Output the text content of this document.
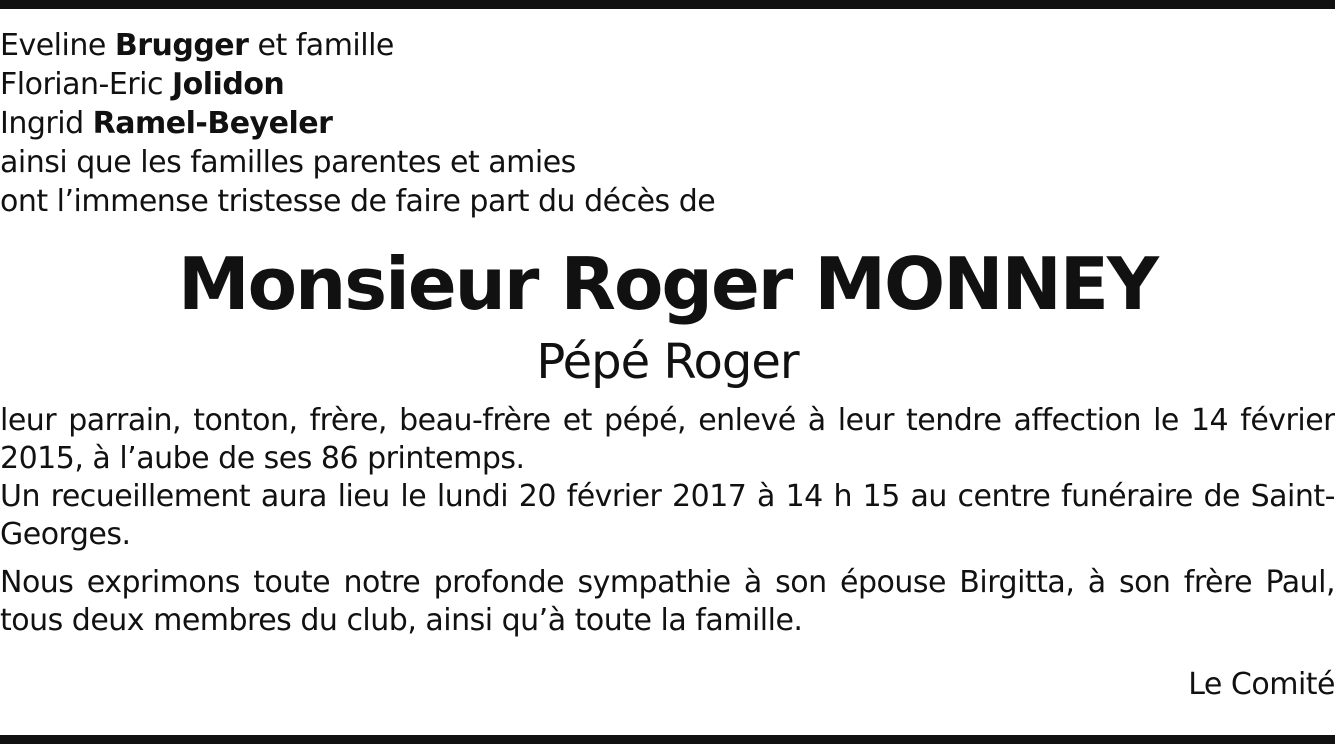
Eveline Brugger et famille
Florian-Eric Jolidon
Ingrid Ramel-Beyeler
ainsi que les familles parentes et amies
ont l’immense tristesse de faire part du décès de
Monsieur Roger MONNEY
Pépé Roger
leur parrain, tonton, frère, beau-frère et pépé, enlevé à leur tendre affection le 14 février 2015, à l’aube de ses 86 printemps.
Un recueillement aura lieu le lundi 20 février 2017 à 14 h 15 au centre funéraire de Saint-Georges.
Nous exprimons toute notre profonde sympathie à son épouse Birgitta, à son frère Paul, tous deux membres du club, ainsi qu’à toute la famille.
Le Comité
